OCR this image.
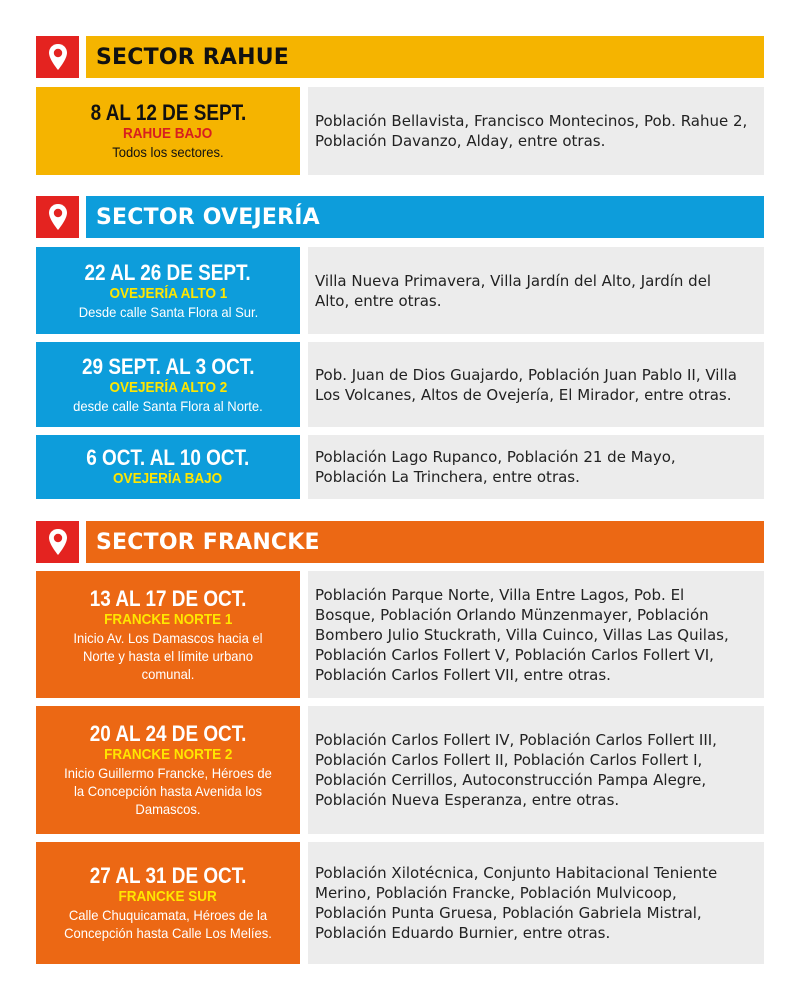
SECTOR RAHUE
8 AL 12 DE SEPT.
RAHUE BAJO
Todos los sectores.
Población Bellavista, Francisco Montecinos, Pob. Rahue 2, Población Davanzo, Alday, entre otras.
SECTOR OVEJERÍA
22 AL 26 DE SEPT.
OVEJERÍA ALTO 1
Desde calle Santa Flora al Sur.
Villa Nueva Primavera, Villa Jardín del Alto, Jardín del Alto, entre otras.
29 SEPT. AL 3 OCT.
OVEJERÍA ALTO 2
desde calle Santa Flora al Norte.
Pob. Juan de Dios Guajardo, Población Juan Pablo II, Villa Los Volcanes, Altos de Ovejería, El Mirador, entre otras.
6 OCT. AL 10 OCT.
OVEJERÍA BAJO
Población Lago Rupanco, Población 21 de Mayo, Población La Trinchera, entre otras.
SECTOR FRANCKE
13 AL 17 DE OCT.
FRANCKE NORTE 1
Inicio Av. Los Damascos hacia el Norte y hasta el límite urbano comunal.
Población Parque Norte, Villa Entre Lagos, Pob. El Bosque, Población Orlando Münzenmayer, Población Bombero Julio Stuckrath, Villa Cuinco, Villas Las Quilas, Población Carlos Follert V, Población Carlos Follert VI, Población Carlos Follert VII, entre otras.
20 AL 24 DE OCT.
FRANCKE NORTE 2
Inicio Guillermo Francke, Héroes de la Concepción hasta Avenida los Damascos.
Población Carlos Follert IV, Población Carlos Follert III, Población Carlos Follert II, Población Carlos Follert I, Población Cerrillos, Autoconstrucción Pampa Alegre, Población Nueva Esperanza, entre otras.
27 AL 31 DE OCT.
FRANCKE SUR
Calle Chuquicamata, Héroes de la Concepción hasta Calle Los Melíes.
Población Xilotécnica, Conjunto Habitacional Teniente Merino, Población Francke, Población Mulvicoop, Población Punta Gruesa, Población Gabriela Mistral, Población Eduardo Burnier, entre otras.
